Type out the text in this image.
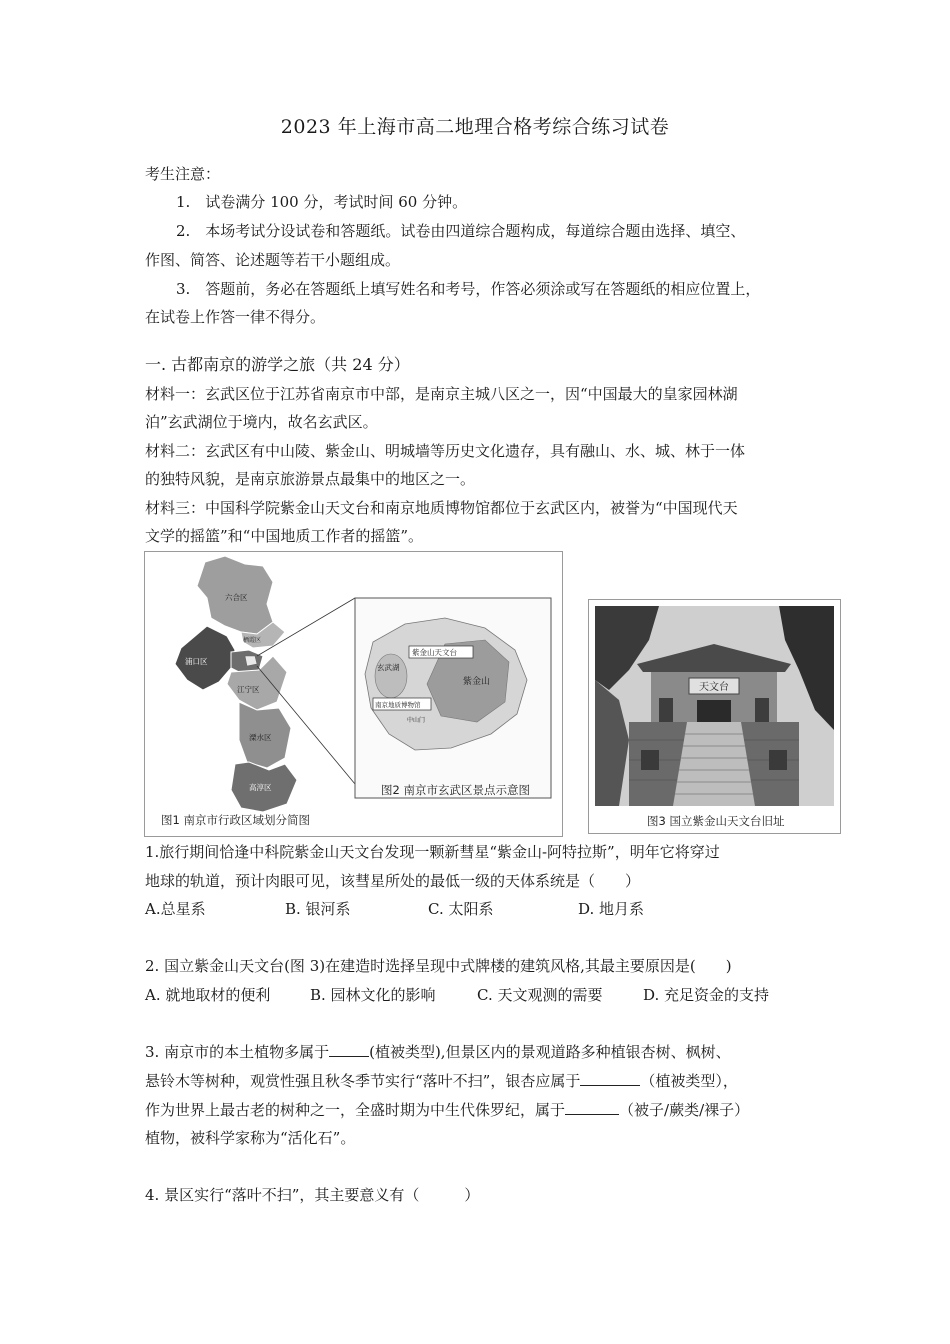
2023 年上海市高二地理合格考综合练习试卷
考生注意：
1.　试卷满分 100 分，考试时间 60 分钟。
2.　本场考试分设试卷和答题纸。试卷由四道综合题构成，每道综合题由选择、填空、
作图、简答、论述题等若干小题组成。
3.　答题前，务必在答题纸上填写姓名和考号，作答必须涂或写在答题纸的相应位置上，
在试卷上作答一律不得分。
一. 古都南京的游学之旅（共 24 分）
材料一：玄武区位于江苏省南京市中部，是南京主城八区之一，因“中国最大的皇家园林湖
泊”玄武湖位于境内，故名玄武区。
材料二：玄武区有中山陵、紫金山、明城墙等历史文化遗存，具有融山、水、城、林于一体
的独特风貌，是南京旅游景点最集中的地区之一。
材料三：中国科学院紫金山天文台和南京地质博物馆都位于玄武区内，被誉为“中国现代天
文学的摇篮”和“中国地质工作者的摇篮”。
六合区
栖霞区
浦口区
江宁区
溧水区
高淳区
玄武湖
紫金山
紫金山天文台
南京地质博物馆
中山门
图2 南京市玄武区景点示意图
图1 南京市行政区域划分简图
天文台
图3 国立紫金山天文台旧址
1.旅行期间恰逢中科院紫金山天文台发现一颗新彗星“紫金山-阿特拉斯”，明年它将穿过
地球的轨道，预计肉眼可见，该彗星所处的最低一级的天体系统是（　　）
A.总星系	B. 银河系	C. 太阳系	D. 地月系
2. 国立紫金山天文台(图 3)在建造时选择呈现中式牌楼的建筑风格,其最主要原因是(　　)
A. 就地取材的便利	B. 园林文化的影响	C. 天文观测的需要	D. 充足资金的支持
3. 南京市的本土植物多属于	(植被类型),但景区内的景观道路多种植银杏树、枫树、
悬铃木等树种，观赏性强且秋冬季节实行“落叶不扫”，银杏应属于	（植被类型），
作为世界上最古老的树种之一，全盛时期为中生代侏罗纪，属于	（被子/蕨类/裸子）
植物，被科学家称为“活化石”。
4. 景区实行“落叶不扫”，其主要意义有（　　　）
